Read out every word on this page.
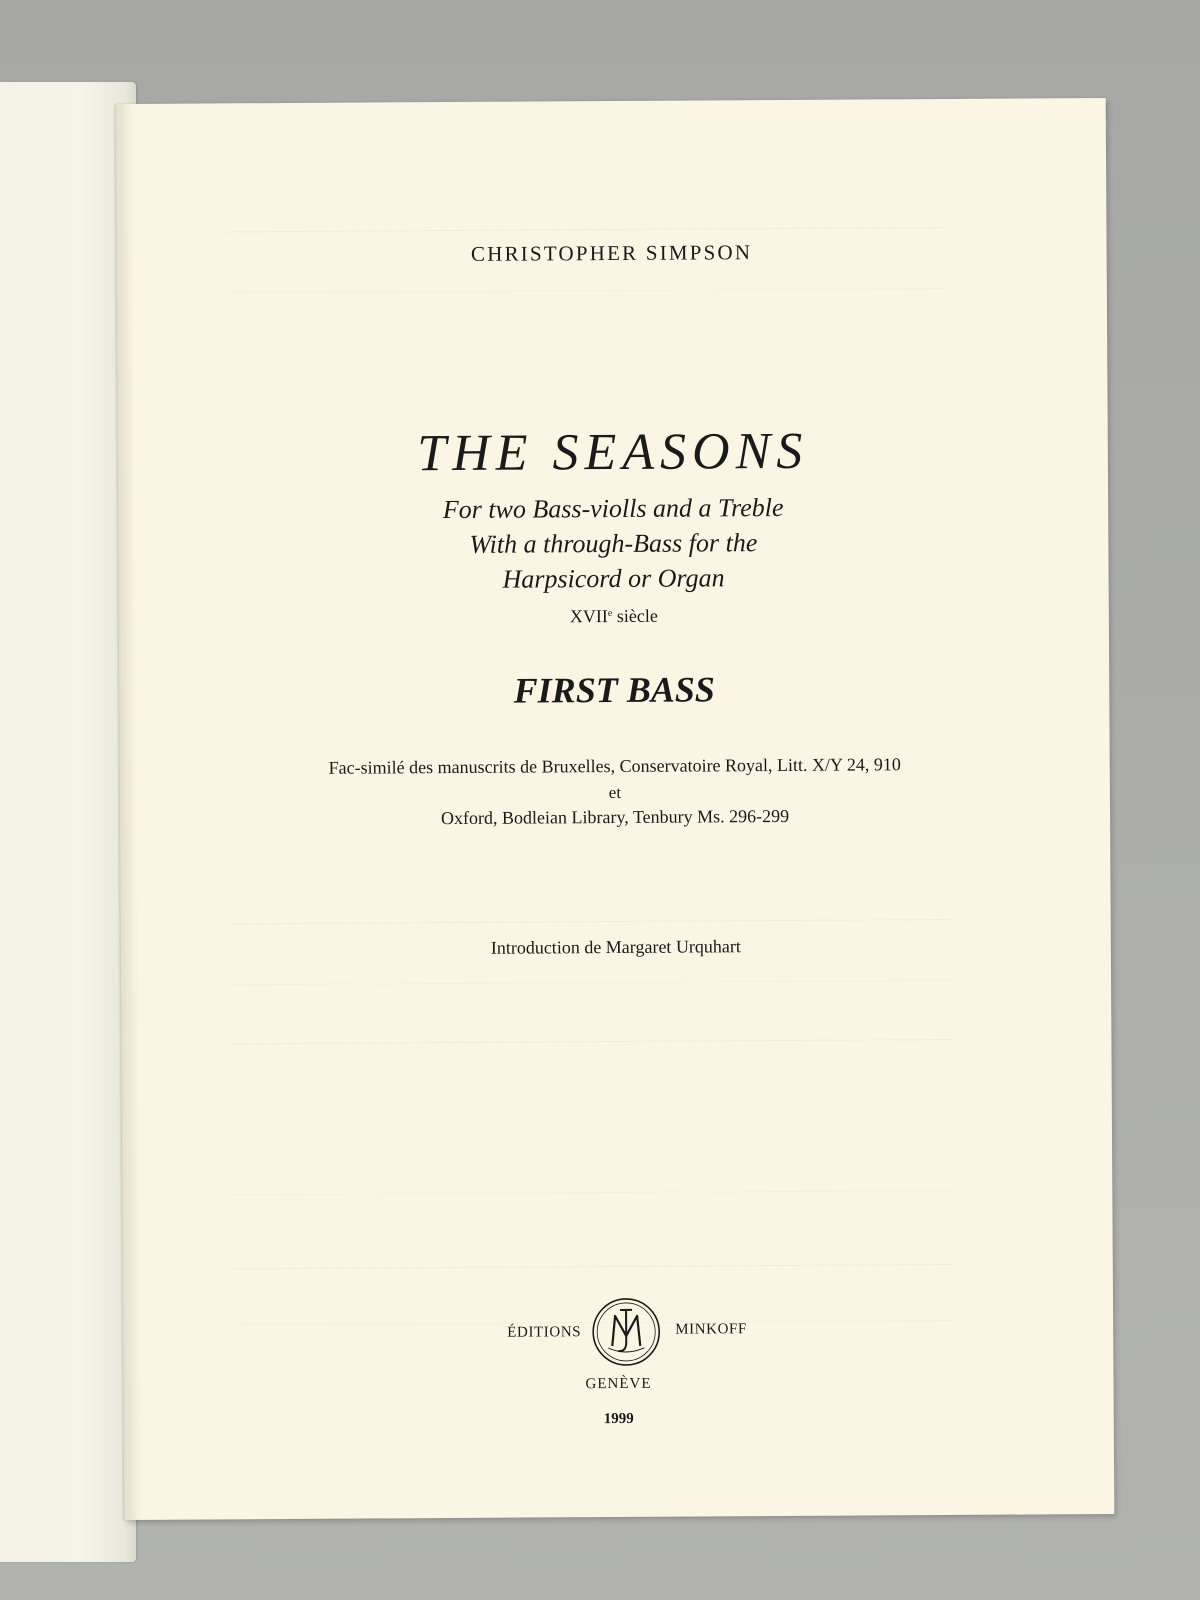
CHRISTOPHER SIMPSON
THE SEASONS
For two Bass-violls and a Treble
With a through-Bass for the
Harpsicord or Organ
XVIIe siècle
FIRST BASS
Fac-similé des manuscrits de Bruxelles, Conservatoire Royal, Litt. X/Y 24, 910
et
Oxford, Bodleian Library, Tenbury Ms. 296-299
Introduction de Margaret Urquhart
ÉDITIONS	MINKOFF
GENÈVE
1999
